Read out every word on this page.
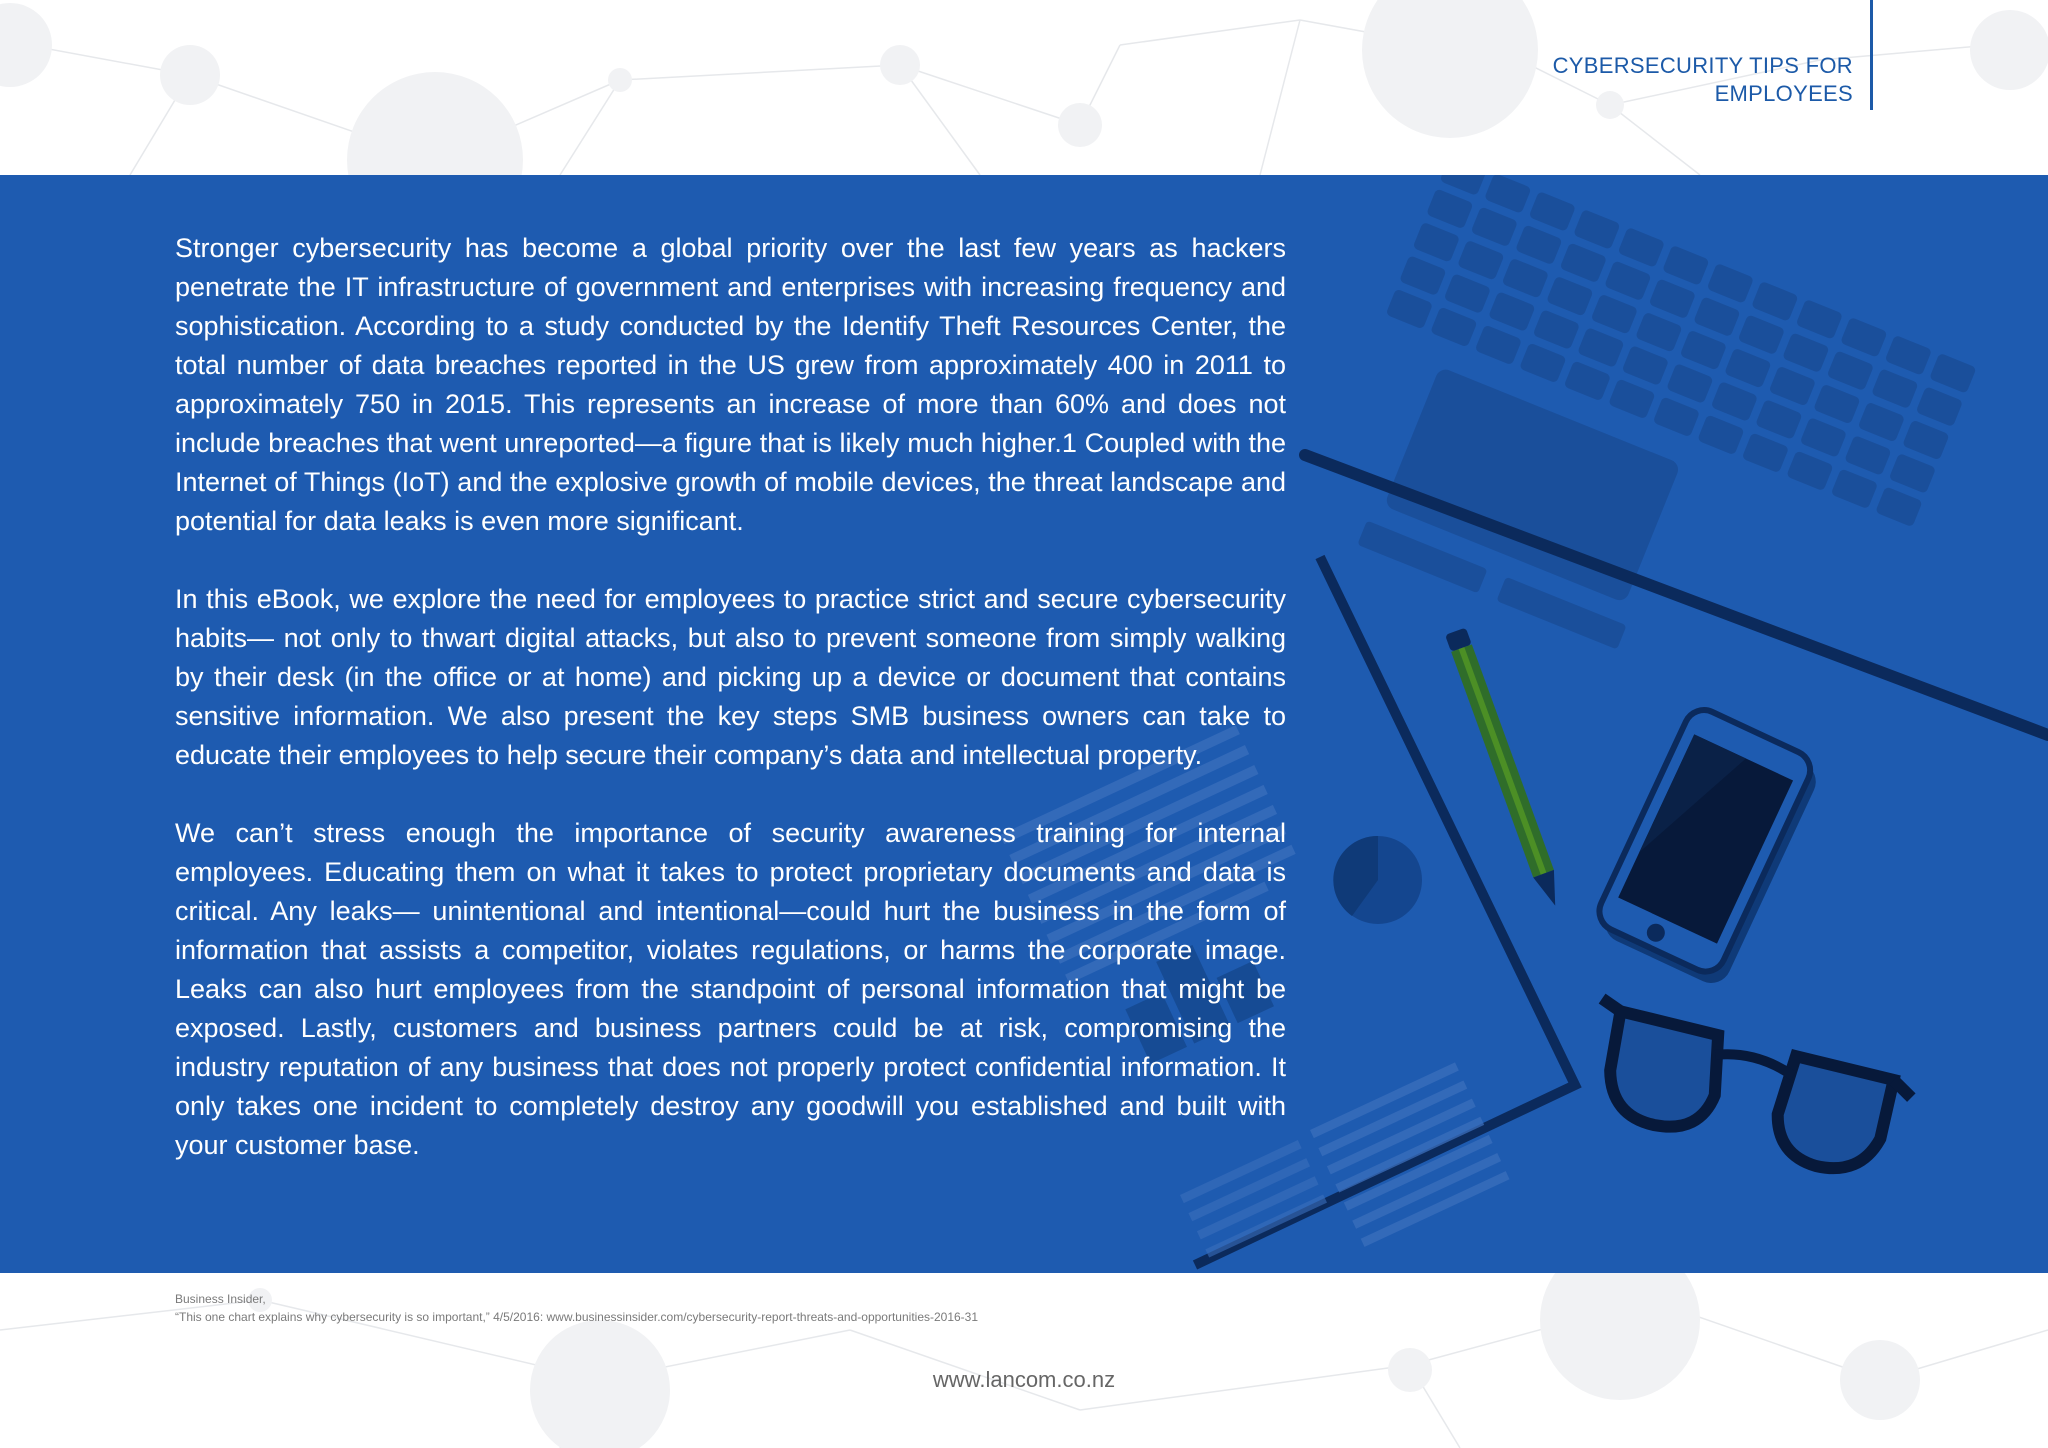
CYBERSECURITY TIPS FOR EMPLOYEES

Stronger cybersecurity has become a global priority over the last few years as hackers penetrate the IT infrastructure of government and enterprises with increasing frequency and sophistication. According to a study conducted by the Identify Theft Resources Center, the total number of data breaches reported in the US grew from approximately 400 in 2011 to approximately 750 in 2015. This represents an increase of more than 60% and does not include breaches that went unreported—a figure that is likely much higher.1 Coupled with the Internet of Things (IoT) and the explosive growth of mobile devices, the threat landscape and potential for data leaks is even more significant.

In this eBook, we explore the need for employees to practice strict and secure cybersecurity habits— not only to thwart digital attacks, but also to prevent someone from simply walking by their desk (in the office or at home) and picking up a device or document that contains sensitive information. We also present the key steps SMB business owners can take to educate their employees to help secure their company’s data and intellectual property.

We can’t stress enough the importance of security awareness training for internal employees. Educating them on what it takes to protect proprietary documents and data is critical. Any leaks— unintentional and intentional—could hurt the business in the form of information that assists a competitor, violates regulations, or harms the corporate image. Leaks can also hurt employees from the standpoint of personal information that might be exposed. Lastly, customers and business partners could be at risk, compromising the industry reputation of any business that does not properly protect confidential information. It only takes one incident to completely destroy any goodwill you established and built with your customer base.

Business Insider,
“This one chart explains why cybersecurity is so important,” 4/5/2016: www.businessinsider.com/cybersecurity-report-threats-and-opportunities-2016-31
www.lancom.co.nz
